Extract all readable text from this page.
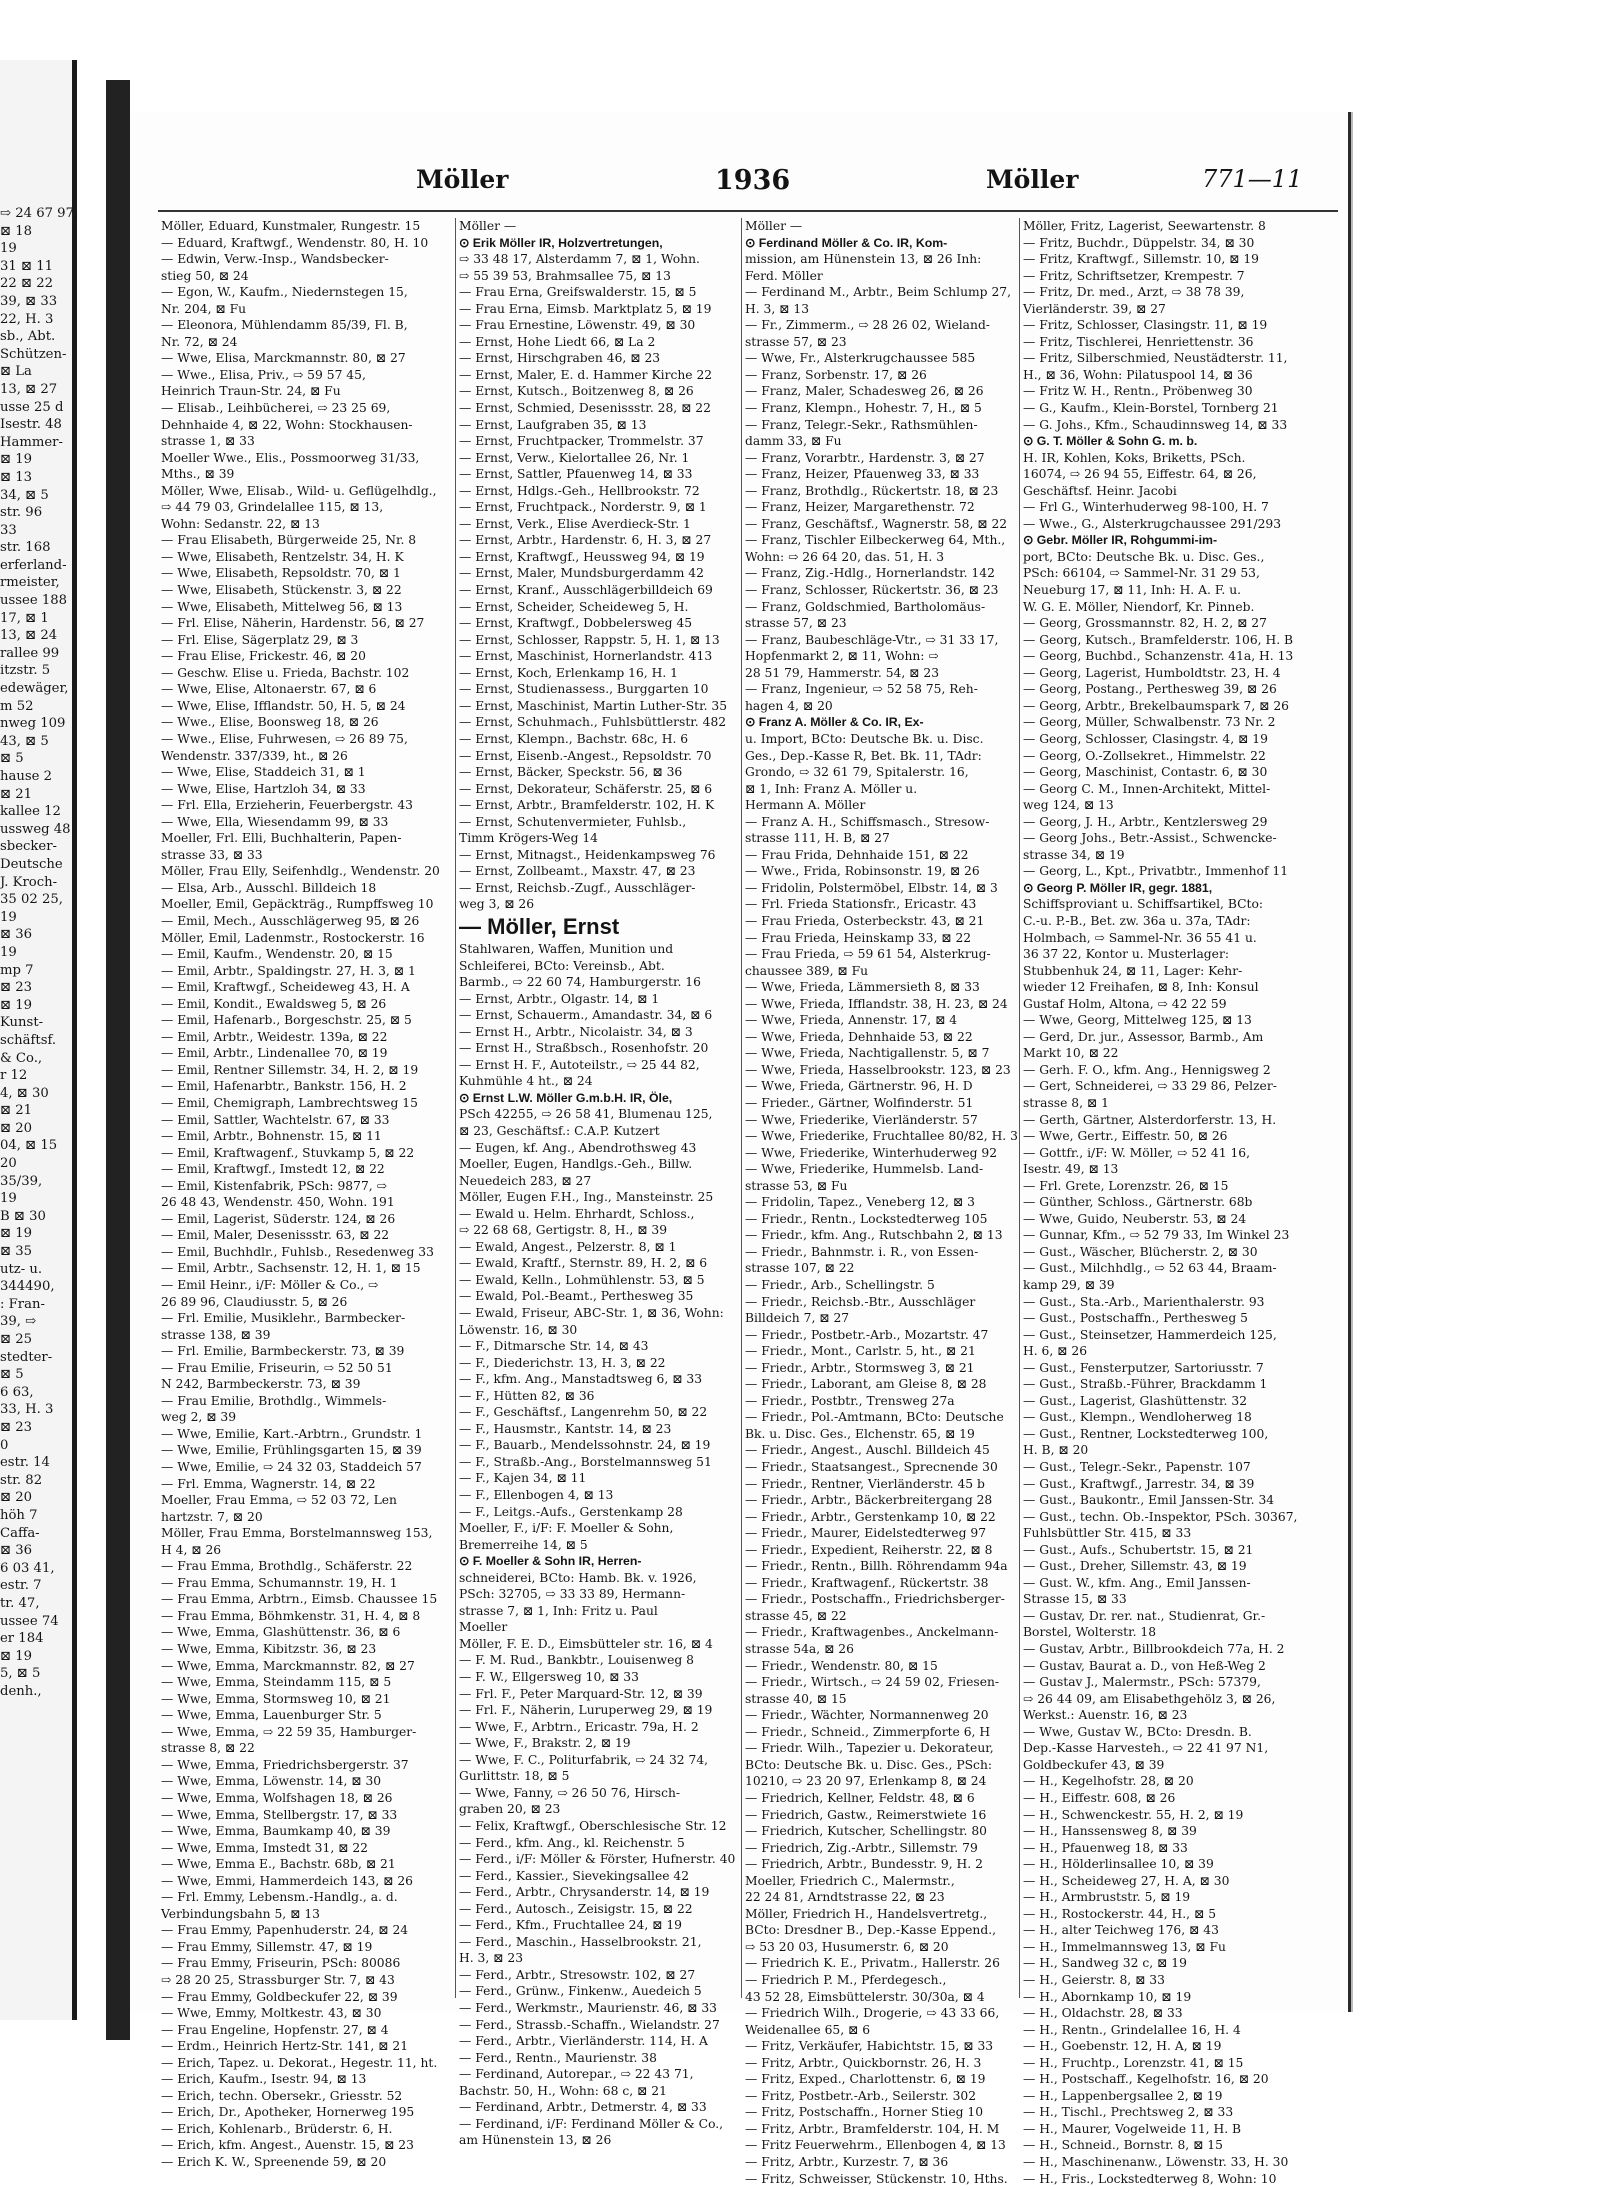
⇨ 24 67 97,
⊠ 18
19
31 ⊠ 11
22 ⊠ 22
39, ⊠ 33
22, H. 3
sb., Abt.
Schützen-
⊠ La
13, ⊠ 27
usse 25 d
Isestr. 48
Hammer-
⊠ 19
⊠ 13
34, ⊠ 5
str. 96
33
str. 168
erferland-
rmeister,
ussee 188
17, ⊠ 1
13, ⊠ 24
rallee 99
itzstr. 5
edewäger,
m 52
nweg 109
43, ⊠ 5
⊠ 5
hause 2
⊠ 21
kallee 12
ussweg 48
sbecker-
Deutsche
J. Kroch-
35 02 25,
19
⊠ 36
19
mp 7
⊠ 23
⊠ 19
Kunst-
schäftsf.
& Co.,
r 12
4, ⊠ 30
⊠ 21
⊠ 20
04, ⊠ 15
20
35/39,
19
B ⊠ 30
⊠ 19
⊠ 35
utz- u.
344490,
: Fran-
39, ⇨
⊠ 25
stedter-
⊠ 5
6 63,
33, H. 3
⊠ 23
0
estr. 14
str. 82
⊠ 20
höh 7
Caffa-
⊠ 36
6 03 41,
estr. 7
tr. 47,
ussee 74
er 184
⊠ 19
5, ⊠ 5
denh.,
Möller	1936	Möller	771—11
Möller, Eduard, Kunstmaler, Rungestr. 15
— Eduard, Kraftwgf., Wendenstr. 80, H. 10
— Edwin, Verw.-Insp., Wandsbecker-
stieg 50, ⊠ 24
— Egon, W., Kaufm., Niedernstegen 15,
Nr. 204, ⊠ Fu
— Eleonora, Mühlendamm 85/39, Fl. B,
Nr. 72, ⊠ 24
— Wwe, Elisa, Marckmannstr. 80, ⊠ 27
— Wwe., Elisa, Priv., ⇨ 59 57 45,
Heinrich Traun-Str. 24, ⊠ Fu
— Elisab., Leihbücherei, ⇨ 23 25 69,
Dehnhaide 4, ⊠ 22, Wohn: Stockhausen-
strasse 1, ⊠ 33
Moeller Wwe., Elis., Possmoorweg 31/33,
Mths., ⊠ 39
Möller, Wwe, Elisab., Wild- u. Geflügelhdlg.,
⇨ 44 79 03, Grindelallee 115, ⊠ 13,
Wohn: Sedanstr. 22, ⊠ 13
— Frau Elisabeth, Bürgerweide 25, Nr. 8
— Wwe, Elisabeth, Rentzelstr. 34, H. K
— Wwe, Elisabeth, Repsoldstr. 70, ⊠ 1
— Wwe, Elisabeth, Stückenstr. 3, ⊠ 22
— Wwe, Elisabeth, Mittelweg 56, ⊠ 13
— Frl. Elise, Näherin, Hardenstr. 56, ⊠ 27
— Frl. Elise, Sägerplatz 29, ⊠ 3
— Frau Elise, Frickestr. 46, ⊠ 20
— Geschw. Elise u. Frieda, Bachstr. 102
— Wwe, Elise, Altonaerstr. 67, ⊠ 6
— Wwe, Elise, Ifflandstr. 50, H. 5, ⊠ 24
— Wwe., Elise, Boonsweg 18, ⊠ 26
— Wwe., Elise, Fuhrwesen, ⇨ 26 89 75,
Wendenstr. 337/339, ht., ⊠ 26
— Wwe, Elise, Staddeich 31, ⊠ 1
— Wwe, Elise, Hartzloh 34, ⊠ 33
— Frl. Ella, Erzieherin, Feuerbergstr. 43
— Wwe, Ella, Wiesendamm 99, ⊠ 33
Moeller, Frl. Elli, Buchhalterin, Papen-
strasse 33, ⊠ 33
Möller, Frau Elly, Seifenhdlg., Wendenstr. 20
— Elsa, Arb., Ausschl. Billdeich 18
Moeller, Emil, Gepäckträg., Rumpffsweg 10
— Emil, Mech., Ausschlägerweg 95, ⊠ 26
Möller, Emil, Ladenmstr., Rostockerstr. 16
— Emil, Kaufm., Wendenstr. 20, ⊠ 15
— Emil, Arbtr., Spaldingstr. 27, H. 3, ⊠ 1
— Emil, Kraftwgf., Scheideweg 43, H. A
— Emil, Kondit., Ewaldsweg 5, ⊠ 26
— Emil, Hafenarb., Borgeschstr. 25, ⊠ 5
— Emil, Arbtr., Weidestr. 139a, ⊠ 22
— Emil, Arbtr., Lindenallee 70, ⊠ 19
— Emil, Rentner Sillemstr. 34, H. 2, ⊠ 19
— Emil, Hafenarbtr., Bankstr. 156, H. 2
— Emil, Chemigraph, Lambrechtsweg 15
— Emil, Sattler, Wachtelstr. 67, ⊠ 33
— Emil, Arbtr., Bohnenstr. 15, ⊠ 11
— Emil, Kraftwagenf., Stuvkamp 5, ⊠ 22
— Emil, Kraftwgf., Imstedt 12, ⊠ 22
— Emil, Kistenfabrik, PSch: 9877, ⇨
26 48 43, Wendenstr. 450, Wohn. 191
— Emil, Lagerist, Süderstr. 124, ⊠ 26
— Emil, Maler, Desenissstr. 63, ⊠ 22
— Emil, Buchhdlr., Fuhlsb., Resedenweg 33
— Emil, Arbtr., Sachsenstr. 12, H. 1, ⊠ 15
— Emil Heinr., i/F: Möller & Co., ⇨
26 89 96, Claudiusstr. 5, ⊠ 26
— Frl. Emilie, Musiklehr., Barmbecker-
strasse 138, ⊠ 39
— Frl. Emilie, Barmbeckerstr. 73, ⊠ 39
— Frau Emilie, Friseurin, ⇨ 52 50 51
N 242, Barmbeckerstr. 73, ⊠ 39
— Frau Emilie, Brothdlg., Wimmels-
weg 2, ⊠ 39
— Wwe, Emilie, Kart.-Arbtrn., Grundstr. 1
— Wwe, Emilie, Frühlingsgarten 15, ⊠ 39
— Wwe, Emilie, ⇨ 24 32 03, Staddeich 57
— Frl. Emma, Wagnerstr. 14, ⊠ 22
Moeller, Frau Emma, ⇨ 52 03 72, Len
hartzstr. 7, ⊠ 20
Möller, Frau Emma, Borstelmannsweg 153,
H 4, ⊠ 26
— Frau Emma, Brothdlg., Schäferstr. 22
— Frau Emma, Schumannstr. 19, H. 1
— Frau Emma, Arbtrn., Eimsb. Chaussee 15
— Frau Emma, Böhmkenstr. 31, H. 4, ⊠ 8
— Wwe, Emma, Glashüttenstr. 36, ⊠ 6
— Wwe, Emma, Kibitzstr. 36, ⊠ 23
— Wwe, Emma, Marckmannstr. 82, ⊠ 27
— Wwe, Emma, Steindamm 115, ⊠ 5
— Wwe, Emma, Stormsweg 10, ⊠ 21
— Wwe, Emma, Lauenburger Str. 5
— Wwe, Emma, ⇨ 22 59 35, Hamburger-
strasse 8, ⊠ 22
— Wwe, Emma, Friedrichsbergerstr. 37
— Wwe, Emma, Löwenstr. 14, ⊠ 30
— Wwe, Emma, Wolfshagen 18, ⊠ 26
— Wwe, Emma, Stellbergstr. 17, ⊠ 33
— Wwe, Emma, Baumkamp 40, ⊠ 39
— Wwe, Emma, Imstedt 31, ⊠ 22
— Wwe, Emma E., Bachstr. 68b, ⊠ 21
— Wwe, Emmi, Hammerdeich 143, ⊠ 26
— Frl. Emmy, Lebensm.-Handlg., a. d.
Verbindungsbahn 5, ⊠ 13
— Frau Emmy, Papenhuderstr. 24, ⊠ 24
— Frau Emmy, Sillemstr. 47, ⊠ 19
— Frau Emmy, Friseurin, PSch: 80086
⇨ 28 20 25, Strassburger Str. 7, ⊠ 43
— Frau Emmy, Goldbeckufer 22, ⊠ 39
— Wwe, Emmy, Moltkestr. 43, ⊠ 30
— Frau Engeline, Hopfenstr. 27, ⊠ 4
— Erdm., Heinrich Hertz-Str. 141, ⊠ 21
— Erich, Tapez. u. Dekorat., Hegestr. 11, ht.
— Erich, Kaufm., Isestr. 94, ⊠ 13
— Erich, techn. Obersekr., Griesstr. 52
— Erich, Dr., Apotheker, Hornerweg 195
— Erich, Kohlenarb., Brüderstr. 6, H.
— Erich, kfm. Angest., Auenstr. 15, ⊠ 23
— Erich K. W., Spreenende 59, ⊠ 20
Möller —
⊙ Erik Möller IR, Holzvertretungen,
⇨ 33 48 17, Alsterdamm 7, ⊠ 1, Wohn.
⇨ 55 39 53, Brahmsallee 75, ⊠ 13
— Frau Erna, Greifswalderstr. 15, ⊠ 5
— Frau Erna, Eimsb. Marktplatz 5, ⊠ 19
— Frau Ernestine, Löwenstr. 49, ⊠ 30
— Ernst, Hohe Liedt 66, ⊠ La 2
— Ernst, Hirschgraben 46, ⊠ 23
— Ernst, Maler, E. d. Hammer Kirche 22
— Ernst, Kutsch., Boitzenweg 8, ⊠ 26
— Ernst, Schmied, Desenissstr. 28, ⊠ 22
— Ernst, Laufgraben 35, ⊠ 13
— Ernst, Fruchtpacker, Trommelstr. 37
— Ernst, Verw., Kielortallee 26, Nr. 1
— Ernst, Sattler, Pfauenweg 14, ⊠ 33
— Ernst, Hdlgs.-Geh., Hellbrookstr. 72
— Ernst, Fruchtpack., Norderstr. 9, ⊠ 1
— Ernst, Verk., Elise Averdieck-Str. 1
— Ernst, Arbtr., Hardenstr. 6, H. 3, ⊠ 27
— Ernst, Kraftwgf., Heussweg 94, ⊠ 19
— Ernst, Maler, Mundsburgerdamm 42
— Ernst, Kranf., Ausschlägerbilldeich 69
— Ernst, Scheider, Scheideweg 5, H.
— Ernst, Kraftwgf., Dobbelersweg 45
— Ernst, Schlosser, Rappstr. 5, H. 1, ⊠ 13
— Ernst, Maschinist, Hornerlandstr. 413
— Ernst, Koch, Erlenkamp 16, H. 1
— Ernst, Studienassess., Burggarten 10
— Ernst, Maschinist, Martin Luther-Str. 35
— Ernst, Schuhmach., Fuhlsbüttlerstr. 482
— Ernst, Klempn., Bachstr. 68c, H. 6
— Ernst, Eisenb.-Angest., Repsoldstr. 70
— Ernst, Bäcker, Speckstr. 56, ⊠ 36
— Ernst, Dekorateur, Schäferstr. 25, ⊠ 6
— Ernst, Arbtr., Bramfelderstr. 102, H. K
— Ernst, Schutenvermieter, Fuhlsb.,
Timm Krögers-Weg 14
— Ernst, Mitnagst., Heidenkampsweg 76
— Ernst, Zollbeamt., Maxstr. 47, ⊠ 23
— Ernst, Reichsb.-Zugf., Ausschläger-
weg 3, ⊠ 26
— Möller, Ernst
Stahlwaren, Waffen, Munition und
Schleiferei, BCto: Vereinsb., Abt.
Barmb., ⇨ 22 60 74, Hamburgerstr. 16
— Ernst, Arbtr., Olgastr. 14, ⊠ 1
— Ernst, Schauerm., Amandastr. 34, ⊠ 6
— Ernst H., Arbtr., Nicolaistr. 34, ⊠ 3
— Ernst H., Straßbsch., Rosenhofstr. 20
— Ernst H. F., Autoteilstr., ⇨ 25 44 82,
Kuhmühle 4 ht., ⊠ 24
⊙ Ernst L.W. Möller G.m.b.H. IR, Öle,
PSch 42255, ⇨ 26 58 41, Blumenau 125,
⊠ 23, Geschäftsf.: C.A.P. Kutzert
— Eugen, kf. Ang., Abendrothsweg 43
Moeller, Eugen, Handlgs.-Geh., Billw.
Neuedeich 283, ⊠ 27
Möller, Eugen F.H., Ing., Mansteinstr. 25
— Ewald u. Helm. Ehrhardt, Schloss.,
⇨ 22 68 68, Gertigstr. 8, H., ⊠ 39
— Ewald, Angest., Pelzerstr. 8, ⊠ 1
— Ewald, Kraftf., Sternstr. 89, H. 2, ⊠ 6
— Ewald, Kelln., Lohmühlenstr. 53, ⊠ 5
— Ewald, Pol.-Beamt., Perthesweg 35
— Ewald, Friseur, ABC-Str. 1, ⊠ 36, Wohn:
Löwenstr. 16, ⊠ 30
— F., Ditmarsche Str. 14, ⊠ 43
— F., Diederichstr. 13, H. 3, ⊠ 22
— F., kfm. Ang., Manstadtsweg 6, ⊠ 33
— F., Hütten 82, ⊠ 36
— F., Geschäftsf., Langenrehm 50, ⊠ 22
— F., Hausmstr., Kantstr. 14, ⊠ 23
— F., Bauarb., Mendelssohnstr. 24, ⊠ 19
— F., Straßb.-Ang., Borstelmannsweg 51
— F., Kajen 34, ⊠ 11
— F., Ellenbogen 4, ⊠ 13
— F., Leitgs.-Aufs., Gerstenkamp 28
Moeller, F., i/F: F. Moeller & Sohn,
Bremerreihe 14, ⊠ 5
⊙ F. Moeller & Sohn IR, Herren-
schneiderei, BCto: Hamb. Bk. v. 1926,
PSch: 32705, ⇨ 33 33 89, Hermann-
strasse 7, ⊠ 1, Inh: Fritz u. Paul
Moeller
Möller, F. E. D., Eimsbütteler str. 16, ⊠ 4
— F. M. Rud., Bankbtr., Louisenweg 8
— F. W., Ellgersweg 10, ⊠ 33
— Frl. F., Peter Marquard-Str. 12, ⊠ 39
— Frl. F., Näherin, Luruperweg 29, ⊠ 19
— Wwe, F., Arbtrn., Ericastr. 79a, H. 2
— Wwe, F., Brakstr. 2, ⊠ 19
— Wwe, F. C., Politurfabrik, ⇨ 24 32 74,
Gurlittstr. 18, ⊠ 5
— Wwe, Fanny, ⇨ 26 50 76, Hirsch-
graben 20, ⊠ 23
— Felix, Kraftwgf., Oberschlesische Str. 12
— Ferd., kfm. Ang., kl. Reichenstr. 5
— Ferd., i/F: Möller & Förster, Hufnerstr. 40
— Ferd., Kassier., Sievekingsallee 42
— Ferd., Arbtr., Chrysanderstr. 14, ⊠ 19
— Ferd., Autosch., Zeisigstr. 15, ⊠ 22
— Ferd., Kfm., Fruchtallee 24, ⊠ 19
— Ferd., Maschin., Hasselbrookstr. 21,
H. 3, ⊠ 23
— Ferd., Arbtr., Stresowstr. 102, ⊠ 27
— Ferd., Grünw., Finkenw., Auedeich 5
— Ferd., Werkmstr., Maurienstr. 46, ⊠ 33
— Ferd., Strassb.-Schaffn., Wielandstr. 27
— Ferd., Arbtr., Vierländerstr. 114, H. A
— Ferd., Rentn., Maurienstr. 38
— Ferdinand, Autorepar., ⇨ 22 43 71,
Bachstr. 50, H., Wohn: 68 c, ⊠ 21
— Ferdinand, Arbtr., Detmerstr. 4, ⊠ 33
— Ferdinand, i/F: Ferdinand Möller & Co.,
am Hünenstein 13, ⊠ 26
Möller —
⊙ Ferdinand Möller & Co. IR, Kom-
mission, am Hünenstein 13, ⊠ 26 Inh:
Ferd. Möller
— Ferdinand M., Arbtr., Beim Schlump 27,
H. 3, ⊠ 13
— Fr., Zimmerm., ⇨ 28 26 02, Wieland-
strasse 57, ⊠ 23
— Wwe, Fr., Alsterkrugchaussee 585
— Franz, Sorbenstr. 17, ⊠ 26
— Franz, Maler, Schadesweg 26, ⊠ 26
— Franz, Klempn., Hohestr. 7, H., ⊠ 5
— Franz, Telegr.-Sekr., Rathsmühlen-
damm 33, ⊠ Fu
— Franz, Vorarbtr., Hardenstr. 3, ⊠ 27
— Franz, Heizer, Pfauenweg 33, ⊠ 33
— Franz, Brothdlg., Rückertstr. 18, ⊠ 23
— Franz, Heizer, Margarethenstr. 72
— Franz, Geschäftsf., Wagnerstr. 58, ⊠ 22
— Franz, Tischler Eilbeckerweg 64, Mth.,
Wohn: ⇨ 26 64 20, das. 51, H. 3
— Franz, Zig.-Hdlg., Hornerlandstr. 142
— Franz, Schlosser, Rückertstr. 36, ⊠ 23
— Franz, Goldschmied, Bartholomäus-
strasse 57, ⊠ 23
— Franz, Baubeschläge-Vtr., ⇨ 31 33 17,
Hopfenmarkt 2, ⊠ 11, Wohn: ⇨
28 51 79, Hammerstr. 54, ⊠ 23
— Franz, Ingenieur, ⇨ 52 58 75, Reh-
hagen 4, ⊠ 20
⊙ Franz A. Möller & Co. IR, Ex-
u. Import, BCto: Deutsche Bk. u. Disc.
Ges., Dep.-Kasse R, Bet. Bk. 11, TAdr:
Grondo, ⇨ 32 61 79, Spitalerstr. 16,
⊠ 1, Inh: Franz A. Möller u.
Hermann A. Möller
— Franz A. H., Schiffsmasch., Stresow-
strasse 111, H. B, ⊠ 27
— Frau Frida, Dehnhaide 151, ⊠ 22
— Wwe., Frida, Robinsonstr. 19, ⊠ 26
— Fridolin, Polstermöbel, Elbstr. 14, ⊠ 3
— Frl. Frieda Stationsfr., Ericastr. 43
— Frau Frieda, Osterbeckstr. 43, ⊠ 21
— Frau Frieda, Heinskamp 33, ⊠ 22
— Frau Frieda, ⇨ 59 61 54, Alsterkrug-
chaussee 389, ⊠ Fu
— Wwe, Frieda, Lämmersieth 8, ⊠ 33
— Wwe, Frieda, Ifflandstr. 38, H. 23, ⊠ 24
— Wwe, Frieda, Annenstr. 17, ⊠ 4
— Wwe, Frieda, Dehnhaide 53, ⊠ 22
— Wwe, Frieda, Nachtigallenstr. 5, ⊠ 7
— Wwe, Frieda, Hasselbrookstr. 123, ⊠ 23
— Wwe, Frieda, Gärtnerstr. 96, H. D
— Frieder., Gärtner, Wolfinderstr. 51
— Wwe, Friederike, Vierländerstr. 57
— Wwe, Friederike, Fruchtallee 80/82, H. 3
— Wwe, Friederike, Winterhuderweg 92
— Wwe, Friederike, Hummelsb. Land-
strasse 53, ⊠ Fu
— Fridolin, Tapez., Veneberg 12, ⊠ 3
— Friedr., Rentn., Lockstedterweg 105
— Friedr., kfm. Ang., Rutschbahn 2, ⊠ 13
— Friedr., Bahnmstr. i. R., von Essen-
strasse 107, ⊠ 22
— Friedr., Arb., Schellingstr. 5
— Friedr., Reichsb.-Btr., Ausschläger
Billdeich 7, ⊠ 27
— Friedr., Postbetr.-Arb., Mozartstr. 47
— Friedr., Mont., Carlstr. 5, ht., ⊠ 21
— Friedr., Arbtr., Stormsweg 3, ⊠ 21
— Friedr., Laborant, am Gleise 8, ⊠ 28
— Friedr., Postbtr., Trensweg 27a
— Friedr., Pol.-Amtmann, BCto: Deutsche
Bk. u. Disc. Ges., Elchenstr. 65, ⊠ 19
— Friedr., Angest., Auschl. Billdeich 45
— Friedr., Staatsangest., Sprecnende 30
— Friedr., Rentner, Vierländerstr. 45 b
— Friedr., Arbtr., Bäckerbreitergang 28
— Friedr., Arbtr., Gerstenkamp 10, ⊠ 22
— Friedr., Maurer, Eidelstedterweg 97
— Friedr., Expedient, Reiherstr. 22, ⊠ 8
— Friedr., Rentn., Billh. Röhrendamm 94a
— Friedr., Kraftwagenf., Rückertstr. 38
— Friedr., Postschaffn., Friedrichsberger-
strasse 45, ⊠ 22
— Friedr., Kraftwagenbes., Anckelmann-
strasse 54a, ⊠ 26
— Friedr., Wendenstr. 80, ⊠ 15
— Friedr., Wirtsch., ⇨ 24 59 02, Friesen-
strasse 40, ⊠ 15
— Friedr., Wächter, Normannenweg 20
— Friedr., Schneid., Zimmerpforte 6, H
— Friedr. Wilh., Tapezier u. Dekorateur,
BCto: Deutsche Bk. u. Disc. Ges., PSch:
10210, ⇨ 23 20 97, Erlenkamp 8, ⊠ 24
— Friedrich, Kellner, Feldstr. 48, ⊠ 6
— Friedrich, Gastw., Reimerstwiete 16
— Friedrich, Kutscher, Schellingstr. 80
— Friedrich, Zig.-Arbtr., Sillemstr. 79
— Friedrich, Arbtr., Bundesstr. 9, H. 2
Moeller, Friedrich C., Malermstr.,
22 24 81, Arndtstrasse 22, ⊠ 23
Möller, Friedrich H., Handelsvertretg.,
BCto: Dresdner B., Dep.-Kasse Eppend.,
⇨ 53 20 03, Husumerstr. 6, ⊠ 20
— Friedrich K. E., Privatm., Hallerstr. 26
— Friedrich P. M., Pferdegesch.,
43 52 28, Eimsbüttelerstr. 30/30a, ⊠ 4
— Friedrich Wilh., Drogerie, ⇨ 43 33 66,
Weidenallee 65, ⊠ 6
— Fritz, Verkäufer, Habichtstr. 15, ⊠ 33
— Fritz, Arbtr., Quickbornstr. 26, H. 3
— Fritz, Exped., Charlottenstr. 6, ⊠ 19
— Fritz, Postbetr.-Arb., Seilerstr. 302
— Fritz, Postschaffn., Horner Stieg 10
— Fritz, Arbtr., Bramfelderstr. 104, H. M
— Fritz Feuerwehrm., Ellenbogen 4, ⊠ 13
— Fritz, Arbtr., Kurzestr. 7, ⊠ 36
— Fritz, Schweisser, Stückenstr. 10, Hths.
Möller, Fritz, Lagerist, Seewartenstr. 8
— Fritz, Buchdr., Düppelstr. 34, ⊠ 30
— Fritz, Kraftwgf., Sillemstr. 10, ⊠ 19
— Fritz, Schriftsetzer, Krempestr. 7
— Fritz, Dr. med., Arzt, ⇨ 38 78 39,
Vierländerstr. 39, ⊠ 27
— Fritz, Schlosser, Clasingstr. 11, ⊠ 19
— Fritz, Tischlerei, Henriettenstr. 36
— Fritz, Silberschmied, Neustädterstr. 11,
H., ⊠ 36, Wohn: Pilatuspool 14, ⊠ 36
— Fritz W. H., Rentn., Pröbenweg 30
— G., Kaufm., Klein-Borstel, Tornberg 21
— G. Johs., Kfm., Schaudinnsweg 14, ⊠ 33
⊙ G. T. Möller & Sohn G. m. b.
H. IR, Kohlen, Koks, Briketts, PSch.
16074, ⇨ 26 94 55, Eiffestr. 64, ⊠ 26,
Geschäftsf. Heinr. Jacobi
— Frl G., Winterhuderweg 98-100, H. 7
— Wwe., G., Alsterkrugchaussee 291/293
⊙ Gebr. Möller IR, Rohgummi-im-
port, BCto: Deutsche Bk. u. Disc. Ges.,
PSch: 66104, ⇨ Sammel-Nr. 31 29 53,
Neueburg 17, ⊠ 11, Inh: H. A. F. u.
W. G. E. Möller, Niendorf, Kr. Pinneb.
— Georg, Grossmannstr. 82, H. 2, ⊠ 27
— Georg, Kutsch., Bramfelderstr. 106, H. B
— Georg, Buchbd., Schanzenstr. 41a, H. 13
— Georg, Lagerist, Humboldtstr. 23, H. 4
— Georg, Postang., Perthesweg 39, ⊠ 26
— Georg, Arbtr., Brekelbaumspark 7, ⊠ 26
— Georg, Müller, Schwalbenstr. 73 Nr. 2
— Georg, Schlosser, Clasingstr. 4, ⊠ 19
— Georg, O.-Zollsekret., Himmelstr. 22
— Georg, Maschinist, Contastr. 6, ⊠ 30
— Georg C. M., Innen-Architekt, Mittel-
weg 124, ⊠ 13
— Georg, J. H., Arbtr., Kentzlersweg 29
— Georg Johs., Betr.-Assist., Schwencke-
strasse 34, ⊠ 19
— Georg, L., Kpt., Privatbtr., Immenhof 11
⊙ Georg P. Möller IR, gegr. 1881,
Schiffsproviant u. Schiffsartikel, BCto:
C.-u. P.-B., Bet. zw. 36a u. 37a, TAdr:
Holmbach, ⇨ Sammel-Nr. 36 55 41 u.
36 37 22, Kontor u. Musterlager:
Stubbenhuk 24, ⊠ 11, Lager: Kehr-
wieder 12 Freihafen, ⊠ 8, Inh: Konsul
Gustaf Holm, Altona, ⇨ 42 22 59
— Wwe, Georg, Mittelweg 125, ⊠ 13
— Gerd, Dr. jur., Assessor, Barmb., Am
Markt 10, ⊠ 22
— Gerh. F. O., kfm. Ang., Hennigsweg 2
— Gert, Schneiderei, ⇨ 33 29 86, Pelzer-
strasse 8, ⊠ 1
— Gerth, Gärtner, Alsterdorferstr. 13, H.
— Wwe, Gertr., Eiffestr. 50, ⊠ 26
— Gottfr., i/F: W. Möller, ⇨ 52 41 16,
Isestr. 49, ⊠ 13
— Frl. Grete, Lorenzstr. 26, ⊠ 15
— Günther, Schloss., Gärtnerstr. 68b
— Wwe, Guido, Neuberstr. 53, ⊠ 24
— Gunnar, Kfm., ⇨ 52 79 33, Im Winkel 23
— Gust., Wäscher, Blücherstr. 2, ⊠ 30
— Gust., Milchhdlg., ⇨ 52 63 44, Braam-
kamp 29, ⊠ 39
— Gust., Sta.-Arb., Marienthalerstr. 93
— Gust., Postschaffn., Perthesweg 5
— Gust., Steinsetzer, Hammerdeich 125,
H. 6, ⊠ 26
— Gust., Fensterputzer, Sartoriusstr. 7
— Gust., Straßb.-Führer, Brackdamm 1
— Gust., Lagerist, Glashüttenstr. 32
— Gust., Klempn., Wendloherweg 18
— Gust., Rentner, Lockstedterweg 100,
H. B, ⊠ 20
— Gust., Telegr.-Sekr., Papenstr. 107
— Gust., Kraftwgf., Jarrestr. 34, ⊠ 39
— Gust., Baukontr., Emil Janssen-Str. 34
— Gust., techn. Ob.-Inspektor, PSch. 30367,
Fuhlsbüttler Str. 415, ⊠ 33
— Gust., Aufs., Schubertstr. 15, ⊠ 21
— Gust., Dreher, Sillemstr. 43, ⊠ 19
— Gust. W., kfm. Ang., Emil Janssen-
Strasse 15, ⊠ 33
— Gustav, Dr. rer. nat., Studienrat, Gr.-
Borstel, Wolterstr. 18
— Gustav, Arbtr., Billbrookdeich 77a, H. 2
— Gustav, Baurat a. D., von Heß-Weg 2
— Gustav J., Malermstr., PSch: 57379,
⇨ 26 44 09, am Elisabethgehölz 3, ⊠ 26,
Werkst.: Auenstr. 16, ⊠ 23
— Wwe, Gustav W., BCto: Dresdn. B.
Dep.-Kasse Harvesteh., ⇨ 22 41 97 N1,
Goldbeckufer 43, ⊠ 39
— H., Kegelhofstr. 28, ⊠ 20
— H., Eiffestr. 608, ⊠ 26
— H., Schwenckestr. 55, H. 2, ⊠ 19
— H., Hanssensweg 8, ⊠ 39
— H., Pfauenweg 18, ⊠ 33
— H., Hölderlinsallee 10, ⊠ 39
— H., Scheideweg 27, H. A, ⊠ 30
— H., Armbruststr. 5, ⊠ 19
— H., Rostockerstr. 44, H., ⊠ 5
— H., alter Teichweg 176, ⊠ 43
— H., Immelmannsweg 13, ⊠ Fu
— H., Sandweg 32 c, ⊠ 19
— H., Geierstr. 8, ⊠ 33
— H., Abornkamp 10, ⊠ 19
— H., Oldachstr. 28, ⊠ 33
— H., Rentn., Grindelallee 16, H. 4
— H., Goebenstr. 12, H. A, ⊠ 19
— H., Fruchtp., Lorenzstr. 41, ⊠ 15
— H., Postschaff., Kegelhofstr. 16, ⊠ 20
— H., Lappenbergsallee 2, ⊠ 19
— H., Tischl., Prechtsweg 2, ⊠ 33
— H., Maurer, Vogelweide 11, H. B
— H., Schneid., Bornstr. 8, ⊠ 15
— H., Maschinenanw., Löwenstr. 33, H. 30
— H., Fris., Lockstedterweg 8, Wohn: 10
